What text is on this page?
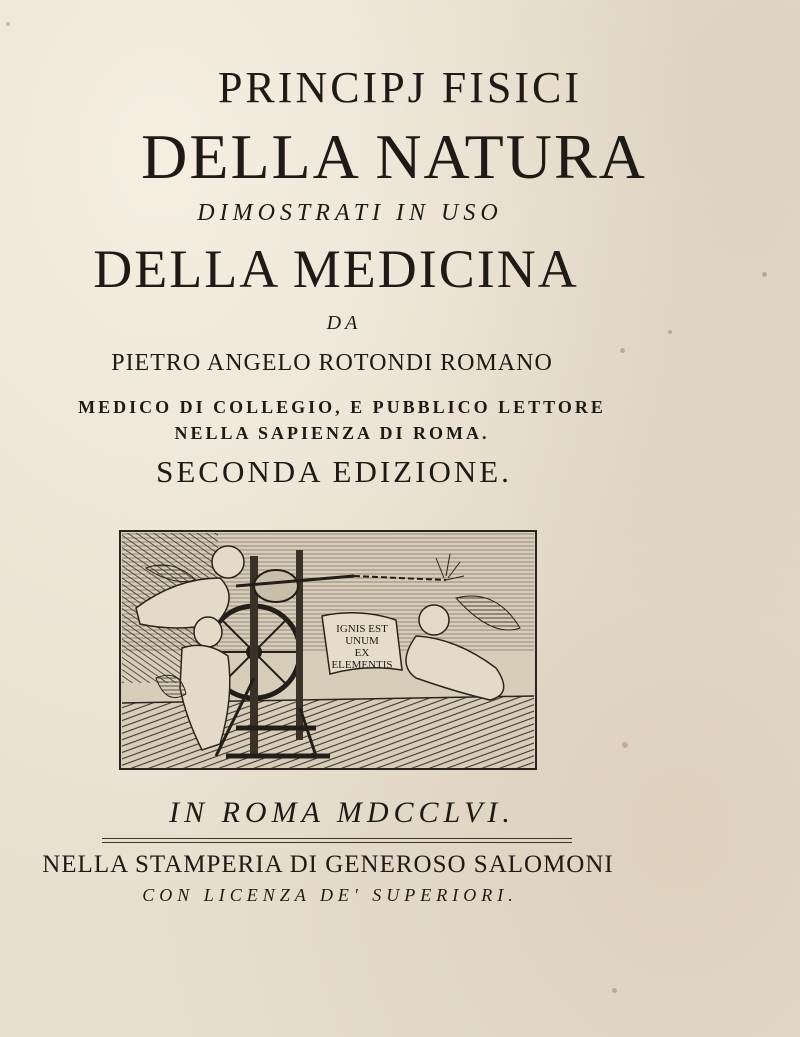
PRINCIPJ FISICI
DELLA NATURA
DIMOSTRATI IN USO
DELLA MEDICINA
DA
PIETRO ANGELO ROTONDI ROMANO
MEDICO DI COLLEGIO, E PUBBLICO LETTORE
NELLA SAPIENZA DI ROMA.
SECONDA EDIZIONE.
IGNIS EST
UNUM
EX
ELEMENTIS
IN ROMA MDCCLVI.
NELLA STAMPERIA DI GENEROSO SALOMONI
CON LICENZA DE' SUPERIORI.
